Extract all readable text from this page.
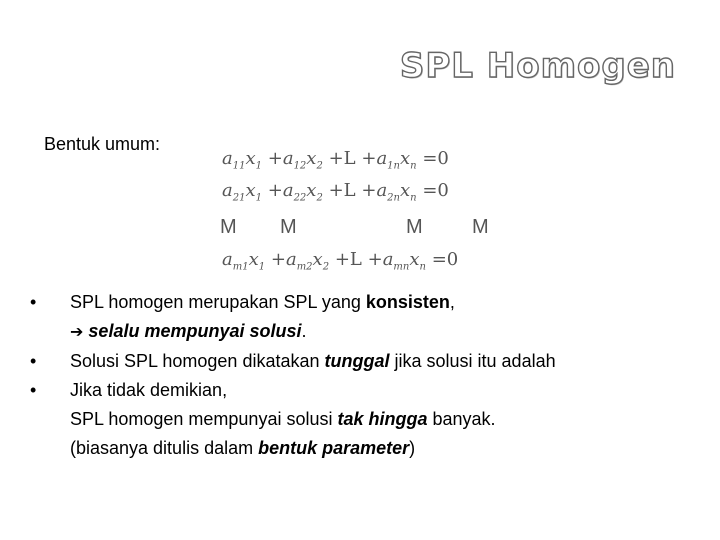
SPL Homogen
Bentuk umum:
$a_{11}x_1 +a_{12}x_2 +L +a_{1n}x_n =0$
$a_{21}x_1 +a_{22}x_2 +L +a_{2n}x_n =0$
M M	M M
$a_{m1}x_1 +a_{m2}x_2 +L +a_{mn}x_n =0$
•	SPL homogen merupakan SPL yang konsisten,
➔ selalu mempunyai solusi.
•	Solusi SPL homogen dikatakan tunggal jika solusi itu adalah
•	Jika tidak demikian,
SPL homogen mempunyai solusi tak hingga banyak.
(biasanya ditulis dalam bentuk parameter)
